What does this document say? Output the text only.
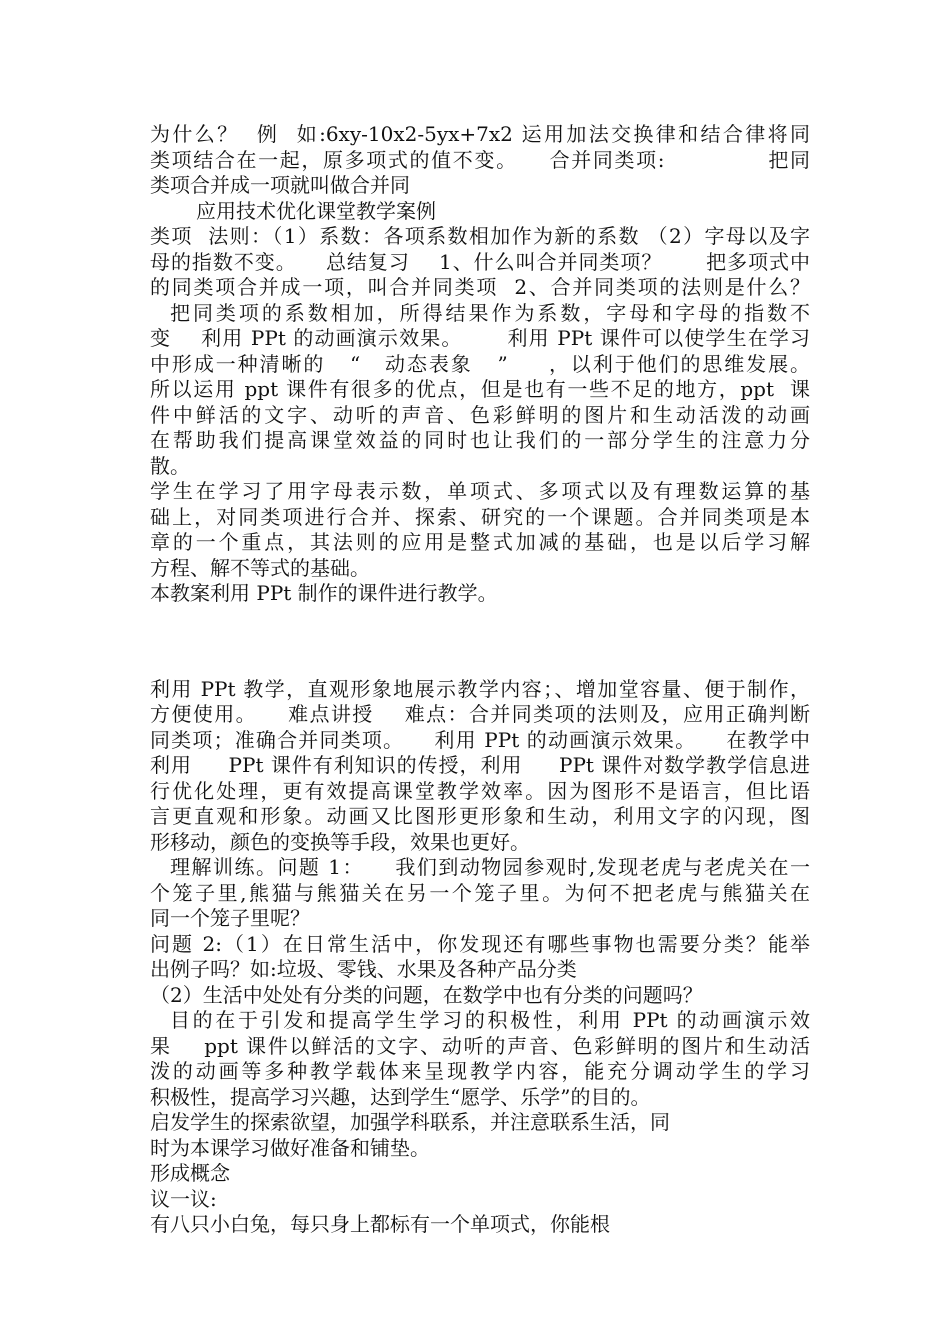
为什么？  例  如:6xy-10x2-5yx+7x2 运用加法交换律和结合律将同
类项结合在一起，原多项式的值不变。    合并同类项:             把同
类项合并成一项就叫做合并同
应用技术优化课堂教学案例
类项  法则：（1）系数：各项系数相加作为新的系数 （2）字母以及字
母的指数不变。    总结复习    1、什么叫合并同类项？      把多项式中
的同类项合并成一项，叫合并同类项  2、合并同类项的法则是什么？
把同类项的系数相加，所得结果作为系数，字母和字母的指数不
变    利用 PPt 的动画演示效果。      利用 PPt 课件可以使学生在学习
中形成一种清晰的   “   动态表象   ”     ，以利于他们的思维发展。
所以运用 ppt 课件有很多的优点，但是也有一些不足的地方，ppt  课
件中鲜活的文字、动听的声音、色彩鲜明的图片和生动活泼的动画
在帮助我们提高课堂效益的同时也让我们的一部分学生的注意力分
散。
学生在学习了用字母表示数，单项式、多项式以及有理数运算的基
础上，对同类项进行合并、探索、研究的一个课题。合并同类项是本
章的一个重点，其法则的应用是整式加减的基础，也是以后学习解
方程、解不等式的基础。
本教案利用 PPt 制作的课件进行教学。
利用 PPt 教学，直观形象地展示教学内容；、增加堂容量、便于制作，
方便使用。    难点讲授    难点：合并同类项的法则及，应用正确判断
同类项；准确合并同类项。    利用 PPt 的动画演示效果。    在教学中
利用     PPt 课件有利知识的传授，利用     PPt 课件对数学教学信息进
行优化处理，更有效提高课堂教学效率。因为图形不是语言，但比语
言更直观和形象。动画又比图形更形象和生动，利用文字的闪现，图
形移动，颜色的变换等手段，效果也更好。
理解训练。问题 1：    我们到动物园参观时,发现老虎与老虎关在一
个笼子里,熊猫与熊猫关在另一个笼子里。为何不把老虎与熊猫关在
同一个笼子里呢？
问题 2:（1）在日常生活中，你发现还有哪些事物也需要分类？能举
出例子吗？如:垃圾、零钱、水果及各种产品分类
（2）生活中处处有分类的问题，在数学中也有分类的问题吗？
目的在于引发和提高学生学习的积极性，利用 PPt 的动画演示效
果    ppt 课件以鲜活的文字、动听的声音、色彩鲜明的图片和生动活
泼的动画等多种教学载体来呈现教学内容，能充分调动学生的学习
积极性，提高学习兴趣，达到学生“愿学、乐学”的目的。
启发学生的探索欲望，加强学科联系，并注意联系生活，同
时为本课学习做好准备和铺垫。
形成概念
议一议:
有八只小白兔，每只身上都标有一个单项式，你能根
